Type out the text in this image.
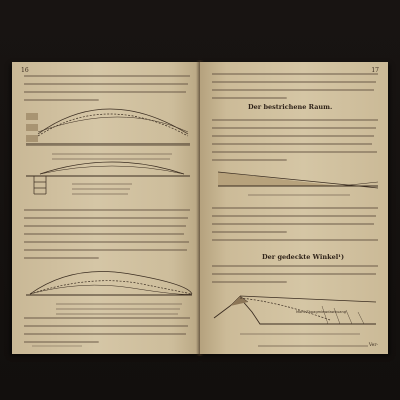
16	17
Der bestrichene Raum.
Der gedeckte Winkel¹)
Ver-
Mont Zhpagmiewdawhuang
